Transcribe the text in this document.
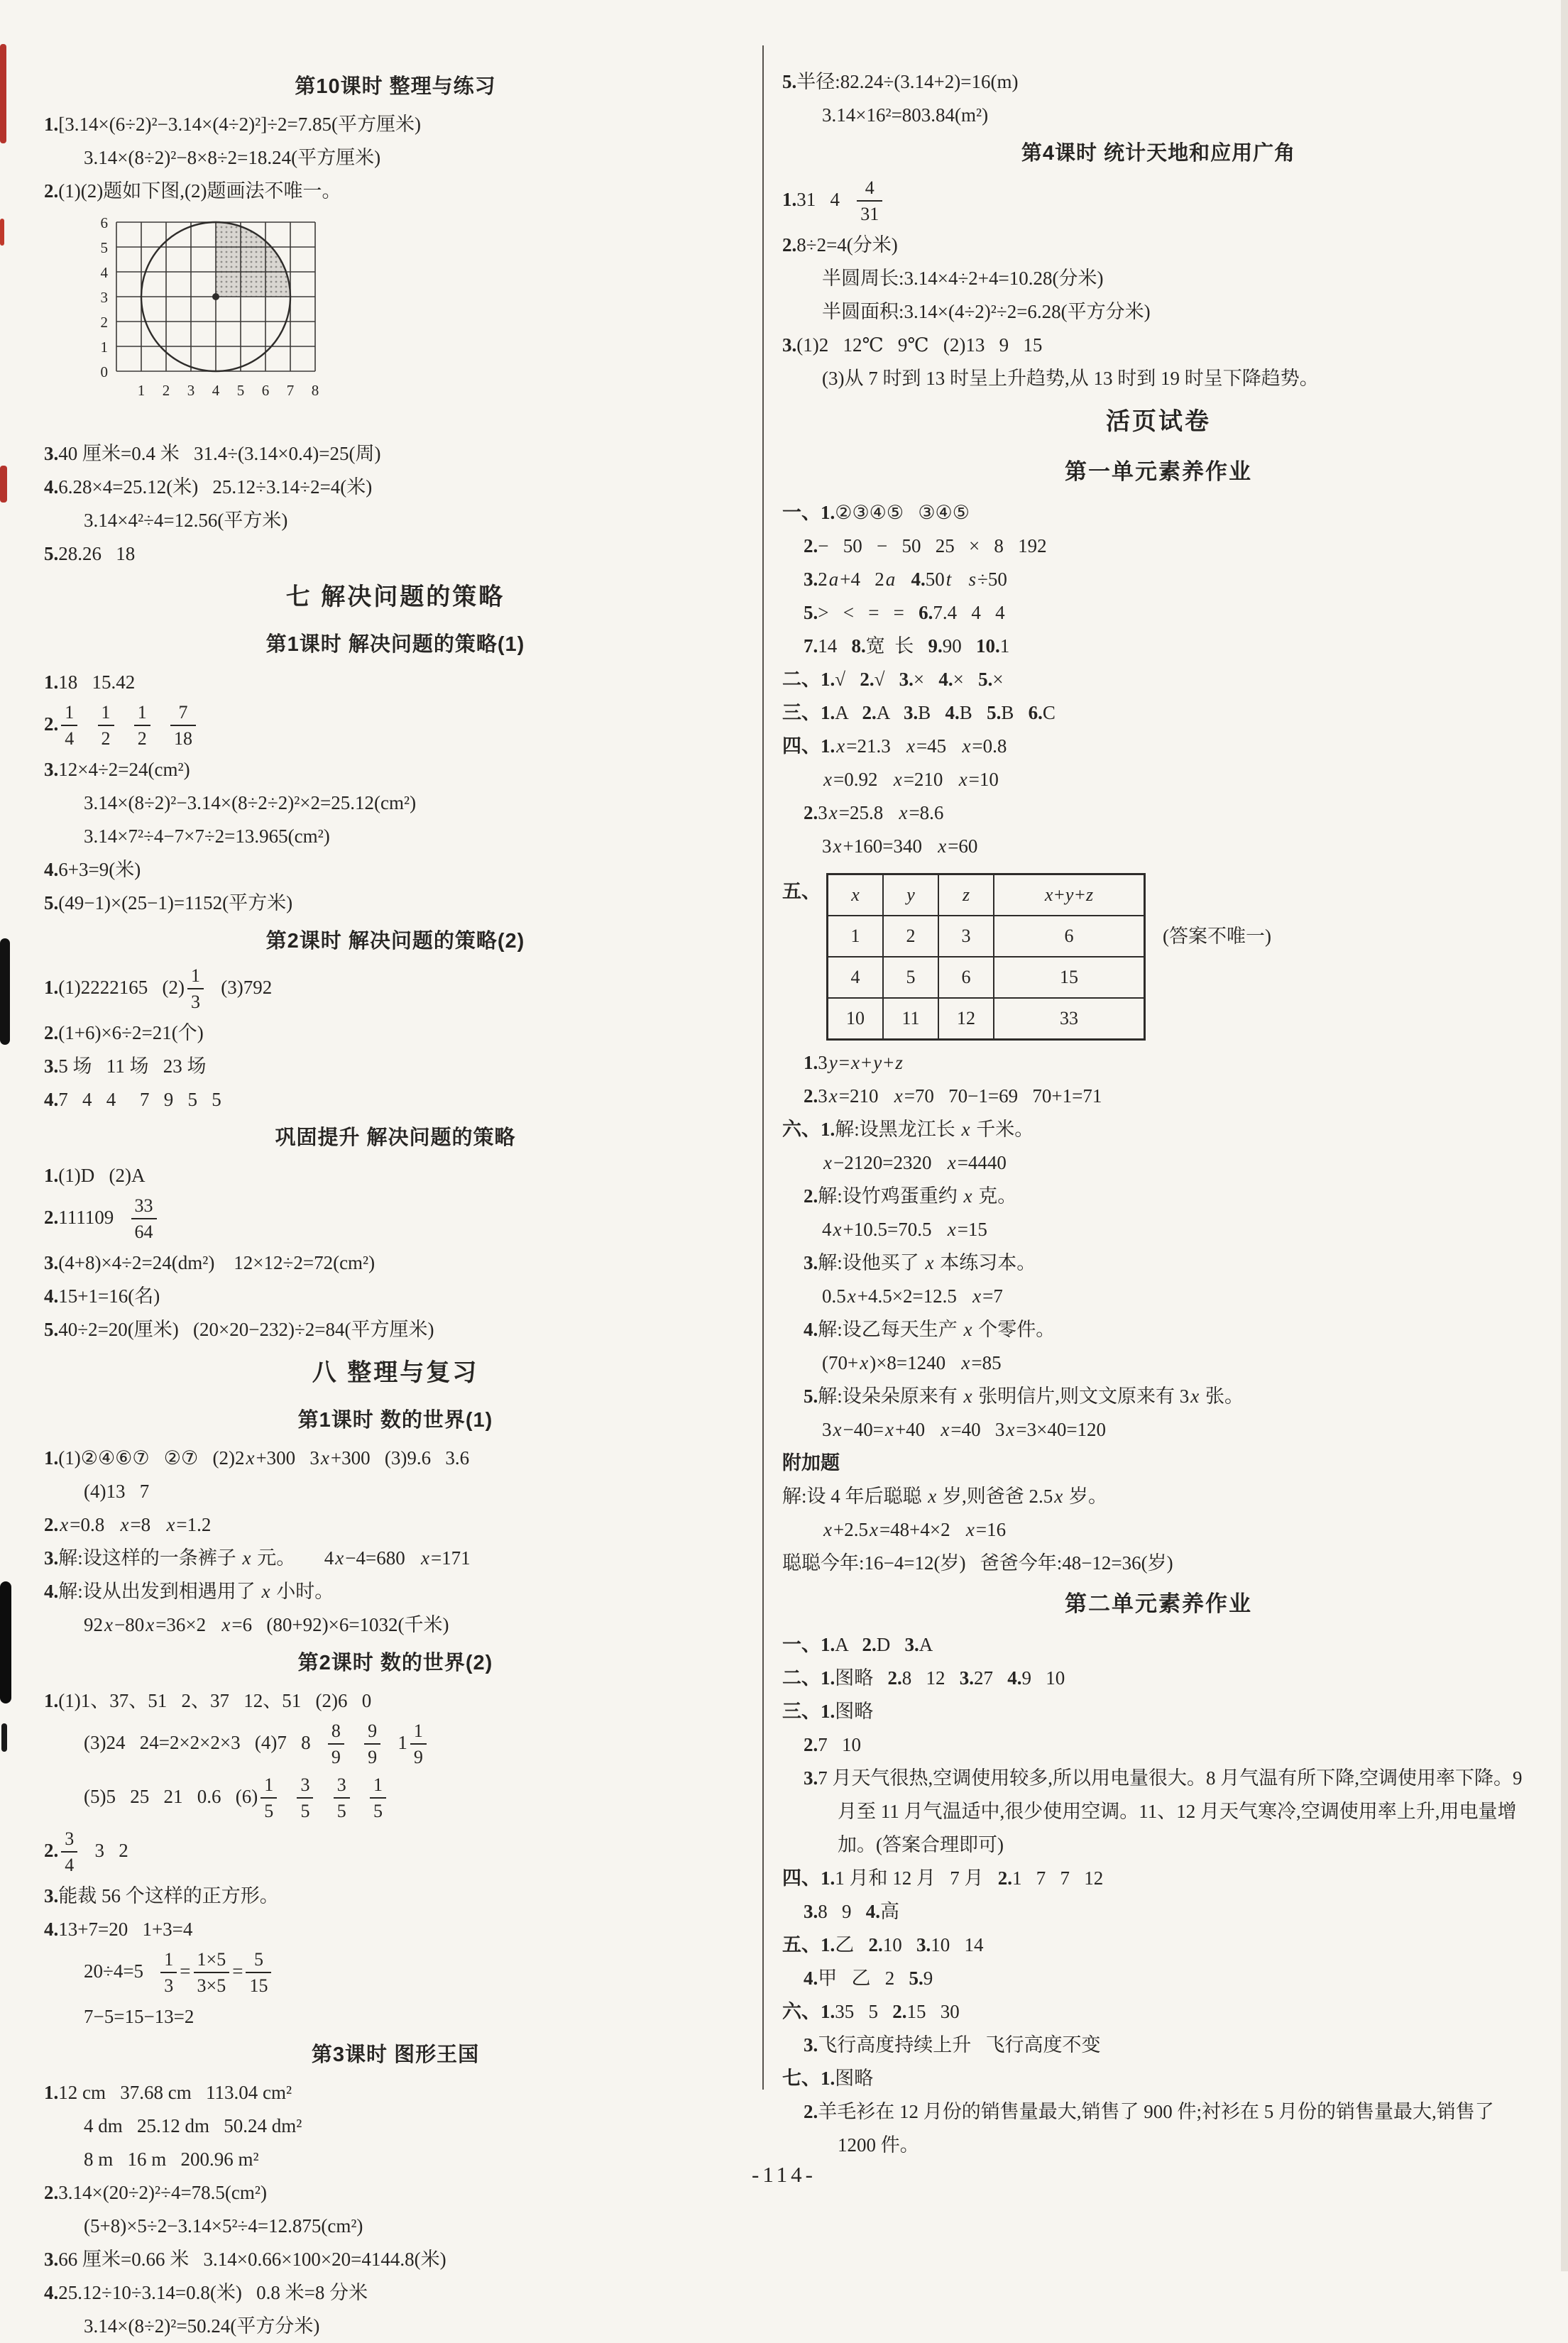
第10课时 整理与练习
1.[3.14×(6÷2)²−3.14×(4÷2)²]÷2=7.85(平方厘米)
3.14×(8÷2)²−8×8÷2=18.24(平方厘米)
2.(1)(2)题如下图,(2)题画法不唯一。
6
5
4
3
2
1
0
1 2 3 4 5 6 7 8
3.40 厘米=0.4 米   31.4÷(3.14×0.4)=25(周)
4.6.28×4=25.12(米)   25.12÷3.14÷2=4(米)
3.14×4²÷4=12.56(平方米)
5.28.26   18
七 解决问题的策略
第1课时 解决问题的策略(1)
1.18   15.42
2. $\frac{1}{4}$
$\frac{1}{2}$
$\frac{1}{2}$
$\frac{7}{18}$
3.12×4÷2=24(cm²)
3.14×(8÷2)²−3.14×(8÷2÷2)²×2=25.12(cm²)
3.14×7²÷4−7×7÷2=13.965(cm²)
4.6+3=9(米)
5.(49−1)×(25−1)=1152(平方米)
第2课时 解决问题的策略(2)
1.(1)2222165   $(2) \frac{1}{3} (3)792$
2.(1+6)×6÷2=21(个)
3.5 场   11 场   23 场
4.7   4   4     7   9   5   5
巩固提升 解决问题的策略
1.(1)D   (2)A
$2.111109 \frac{33}{64}$
3.(4+8)×4÷2=24(dm²)    12×12÷2=72(cm²)
4.15+1=16(名)
5.40÷2=20(厘米)   (20×20−232)÷2=84(平方厘米)
八 整理与复习
第1课时 数的世界(1)
1.(1)②④⑥⑦   ②⑦   (2)2x+300   3x+300   (3)9.6   3.6
(4)13   7
2.x=0.8   x=8   x=1.2
3.解:设这样的一条裤子 x 元。      4x−4=680   x=171
4.解:设从出发到相遇用了 x 小时。
92x−80x=36×2   x=6   (80+92)×6=1032(千米)
第2课时 数的世界(2)
1.(1)1、37、51   2、37   12、51   (2)6   0
(3)24   24=2×2×2×3   (4)7   $8 \frac{8}{9}$
$\frac{9}{9} 1 \frac{1}{9}$
(5)5   25   21   0.6   $(6) \frac{1}{5}$
$\frac{3}{5}$
$\frac{3}{5}$
$\frac{1}{5}$
2. $\frac{3}{4} 3$   2
3.能裁 56 个这样的正方形。
4.13+7=20   1+3=4
$20\div 4=5 \frac{1}{3} = \frac{1\times 5}{3\times 5} = \frac{5}{15}$
7−5=15−13=2
第3课时 图形王国
1.12 cm   37.68 cm   113.04 cm²
4 dm   25.12 dm   50.24 dm²
8 m   16 m   200.96 m²
2.3.14×(20÷2)²÷4=78.5(cm²)
(5+8)×5÷2−3.14×5²÷4=12.875(cm²)
3.66 厘米=0.66 米   3.14×0.66×100×20=4144.8(米)
4.25.12÷10÷3.14=0.8(米)   0.8 米=8 分米
3.14×(8÷2)²=50.24(平方分米)
5.半径:82.24÷(3.14+2)=16(m)
3.14×16²=803.84(m²)
第4课时 统计天地和应用广角
1.31   $4 \frac{4}{31}$
2.8÷2=4(分米)
半圆周长:3.14×4÷2+4=10.28(分米)
半圆面积:3.14×(4÷2)²÷2=6.28(平方分米)
3.(1)2   12℃   9℃   (2)13   9   15
(3)从 7 时到 13 时呈上升趋势,从 13 时到 19 时呈下降趋势。
活页试卷
第一单元素养作业
一、1.②③④⑤   ③④⑤
2.−   50   −   50   25   ×   8   192
3.2a+4   2a 4.50t s÷50
5.>   <   =   =   6.7.4   4   4
7.14   8.宽  长   9.90   10.1
二、1.√   2.√   3.×   4.×   5.×
三、1.A   2.A   3.B   4.B   5.B   6.C
四、1.x=21.3   x=45   x=0.8
x=0.92   x=210   x=10
2.3x=25.8   x=8.6
3x+160=340   x=60
五、 x	y	z	x+y+z
1	2	3	6
4	5	6	15
10	11	12	33
(答案不唯一)
1.3y=x+y+z
2.3x=210   x=70   70−1=69   70+1=71
六、1.解:设黑龙江长 x 千米。
x−2120=2320   x=4440
2.解:设竹鸡蛋重约 x 克。
4x+10.5=70.5   x=15
3.解:设他买了 x 本练习本。
0.5x+4.5×2=12.5   x=7
4.解:设乙每天生产 x 个零件。
(70+x)×8=1240   x=85
5.解:设朵朵原来有 x 张明信片,则文文原来有 3x 张。
3x−40=x+40   x=40   3x=3×40=120
附加题
解:设 4 年后聪聪 x 岁,则爸爸 2.5x 岁。
x+2.5x=48+4×2   x=16
聪聪今年:16−4=12(岁)   爸爸今年:48−12=36(岁)
第二单元素养作业
一、1.A   2.D   3.A
二、1.图略   2.8   12   3.27   4.9   10
三、1.图略
2.7   10
3.7 月天气很热,空调使用较多,所以用电量很大。8 月气温有所下降,空调使用率下降。9 月至 11 月气温适中,很少使用空调。11、12 月天气寒冷,空调使用率上升,用电量增加。(答案合理即可)
四、1.1 月和 12 月   7 月   2.1   7   7   12
3.8   9   4.高
五、1.乙   2.10   3.10   14
4.甲   乙   2   5.9
六、1.35   5   2.15   30
3.飞行高度持续上升   飞行高度不变
七、1.图略
2.羊毛衫在 12 月份的销售量最大,销售了 900 件;衬衫在 5 月份的销售量最大,销售了 1200 件。
-114-
